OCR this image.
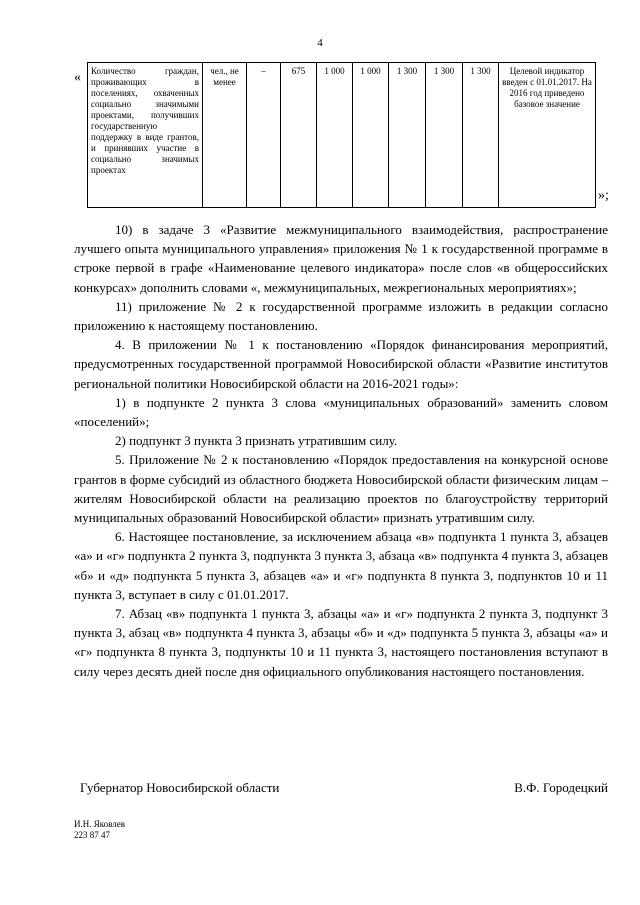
4
« Количество граждан, проживающих в поселениях, охваченных социально значимыми проектами, получивших государственную поддержку в виде грантов, и принявших участие в социально значимых проектах	чел., не менее	–	675	1 000	1 000	1 300	1 300	1 300	Целевой индикатор введен с 01.01.2017. На 2016 год приведено базовое значение
»;

10) в задаче 3 «Развитие межмуниципального взаимодействия, распространение лучшего опыта муниципального управления» приложения № 1 к государственной программе в строке первой в графе «Наименование целевого индикатора» после слов «в общероссийских конкурсах» дополнить словами «, межмуниципальных, межрегиональных мероприятиях»;

11) приложение № 2 к государственной программе изложить в редакции согласно приложению к настоящему постановлению.

4. В приложении № 1 к постановлению «Порядок финансирования мероприятий, предусмотренных государственной программой Новосибирской области «Развитие институтов региональной политики Новосибирской области на 2016-2021 годы»:

1) в подпункте 2 пункта 3 слова «муниципальных образований» заменить словом «поселений»;

2) подпункт 3 пункта 3 признать утратившим силу.

5. Приложение № 2 к постановлению «Порядок предоставления на конкурсной основе грантов в форме субсидий из областного бюджета Новосибирской области физическим лицам – жителям Новосибирской области на реализацию проектов по благоустройству территорий муниципальных образований Новосибирской области» признать утратившим силу.

6. Настоящее постановление, за исключением абзаца «в» подпункта 1 пункта 3, абзацев «а» и «г» подпункта 2 пункта 3, подпункта 3 пункта 3, абзаца «в» подпункта 4 пункта 3, абзацев «б» и «д» подпункта 5 пункта 3, абзацев «а» и «г» подпункта 8 пункта 3, подпунктов 10 и 11 пункта 3, вступает в силу с 01.01.2017.

7. Абзац «в» подпункта 1 пункта 3, абзацы «а» и «г» подпункта 2 пункта 3, подпункт 3 пункта 3, абзац «в» подпункта 4 пункта 3, абзацы «б» и «д» подпункта 5 пункта 3, абзацы «а» и «г» подпункта 8 пункта 3, подпункты 10 и 11 пункта 3, настоящего постановления вступают в силу через десять дней после дня официального опубликования настоящего постановления.

Губернатор Новосибирской области	В.Ф. Городецкий
И.Н. Яковлев
223 87 47
